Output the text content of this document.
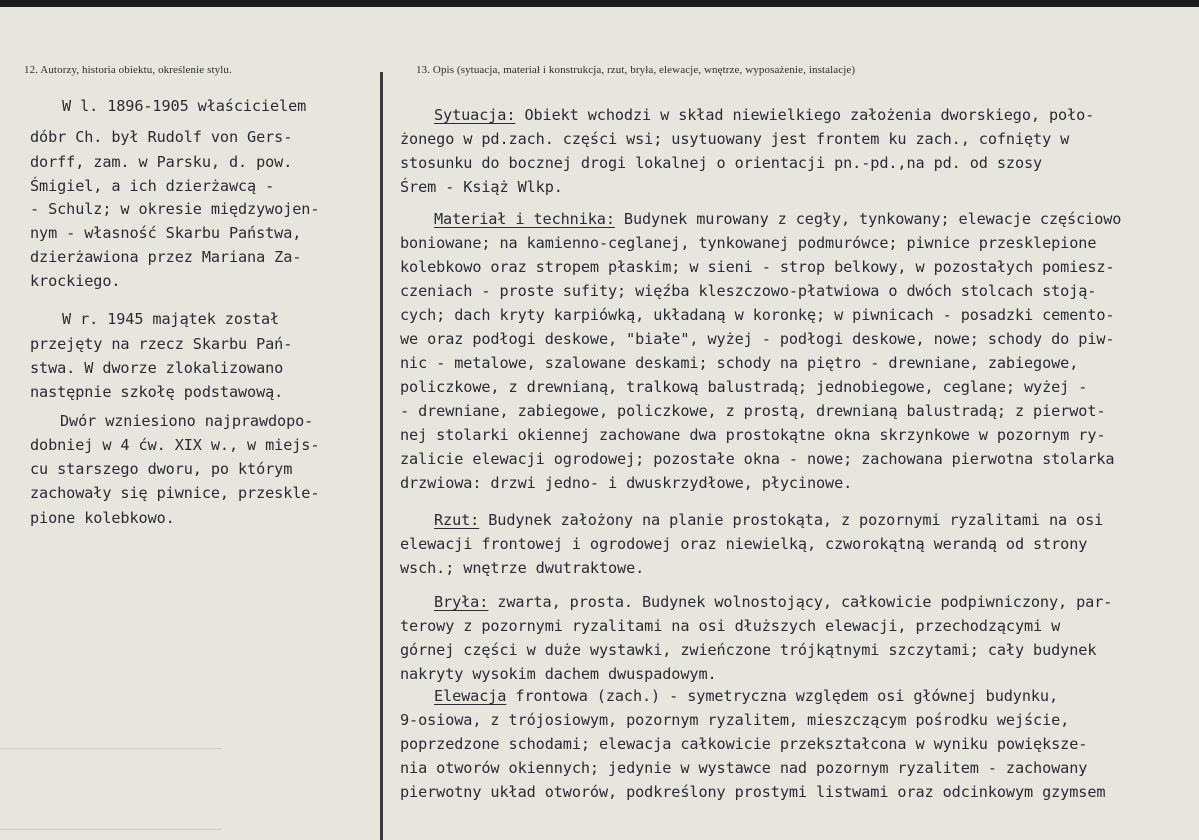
12. Autorzy, historia obiektu, określenie stylu.	13. Opis (sytuacja, materiał i konstrukcja, rzut, bryła, elewacje, wnętrze, wyposażenie, instalacje)
W l. 1896-1905 właścicielem
dóbr Ch. był Rudolf von Gers-
dorff, zam. w Parsku, d. pow.
Śmigiel, a ich dzierżawcą -
- Schulz; w okresie międzywojen-
nym - własność Skarbu Państwa,
dzierżawiona przez Mariana Za-
krockiego.
W r. 1945 majątek został
przejęty na rzecz Skarbu Pań-
stwa. W dworze zlokalizowano
następnie szkołę podstawową.
Dwór wzniesiono najprawdopo-
dobniej w 4 ćw. XIX w., w miejs-
cu starszego dworu, po którym
zachowały się piwnice, przeskle-
pione kolebkowo.
Sytuacja: Obiekt wchodzi w skład niewielkiego założenia dworskiego, poło-
żonego w pd.zach. części wsi; usytuowany jest frontem ku zach., cofnięty w
stosunku do bocznej drogi lokalnej o orientacji pn.-pd.,na pd. od szosy
Śrem - Książ Wlkp.
Materiał i technika: Budynek murowany z cegły, tynkowany; elewacje częściowo
boniowane; na kamienno-ceglanej, tynkowanej podmurówce; piwnice przesklepione
kolebkowo oraz stropem płaskim; w sieni - strop belkowy, w pozostałych pomiesz-
czeniach - proste sufity; więźba kleszczowo-płatwiowa o dwóch stolcach stoją-
cych; dach kryty karpiówką, układaną w koronkę; w piwnicach - posadzki cemento-
we oraz podłogi deskowe, "białe", wyżej - podłogi deskowe, nowe; schody do piw-
nic - metalowe, szalowane deskami; schody na piętro - drewniane, zabiegowe,
policzkowe, z drewnianą, tralkową balustradą; jednobiegowe, ceglane; wyżej -
- drewniane, zabiegowe, policzkowe, z prostą, drewnianą balustradą; z pierwot-
nej stolarki okiennej zachowane dwa prostokątne okna skrzynkowe w pozornym ry-
zalicie elewacji ogrodowej; pozostałe okna - nowe; zachowana pierwotna stolarka
drzwiowa: drzwi jedno- i dwuskrzydłowe, płycinowe.
Rzut: Budynek założony na planie prostokąta, z pozornymi ryzalitami na osi
elewacji frontowej i ogrodowej oraz niewielką, czworokątną werandą od strony
wsch.; wnętrze dwutraktowe.
Bryła: zwarta, prosta. Budynek wolnostojący, całkowicie podpiwniczony, par-
terowy z pozornymi ryzalitami na osi dłuższych elewacji, przechodzącymi w
górnej części w duże wystawki, zwieńczone trójkątnymi szczytami; cały budynek
nakryty wysokim dachem dwuspadowym.
Elewacja frontowa (zach.) - symetryczna względem osi głównej budynku,
9-osiowa, z trójosiowym, pozornym ryzalitem, mieszczącym pośrodku wejście,
poprzedzone schodami; elewacja całkowicie przekształcona w wyniku powiększe-
nia otworów okiennych; jedynie w wystawce nad pozornym ryzalitem - zachowany
pierwotny układ otworów, podkreślony prostymi listwami oraz odcinkowym gzymsem
